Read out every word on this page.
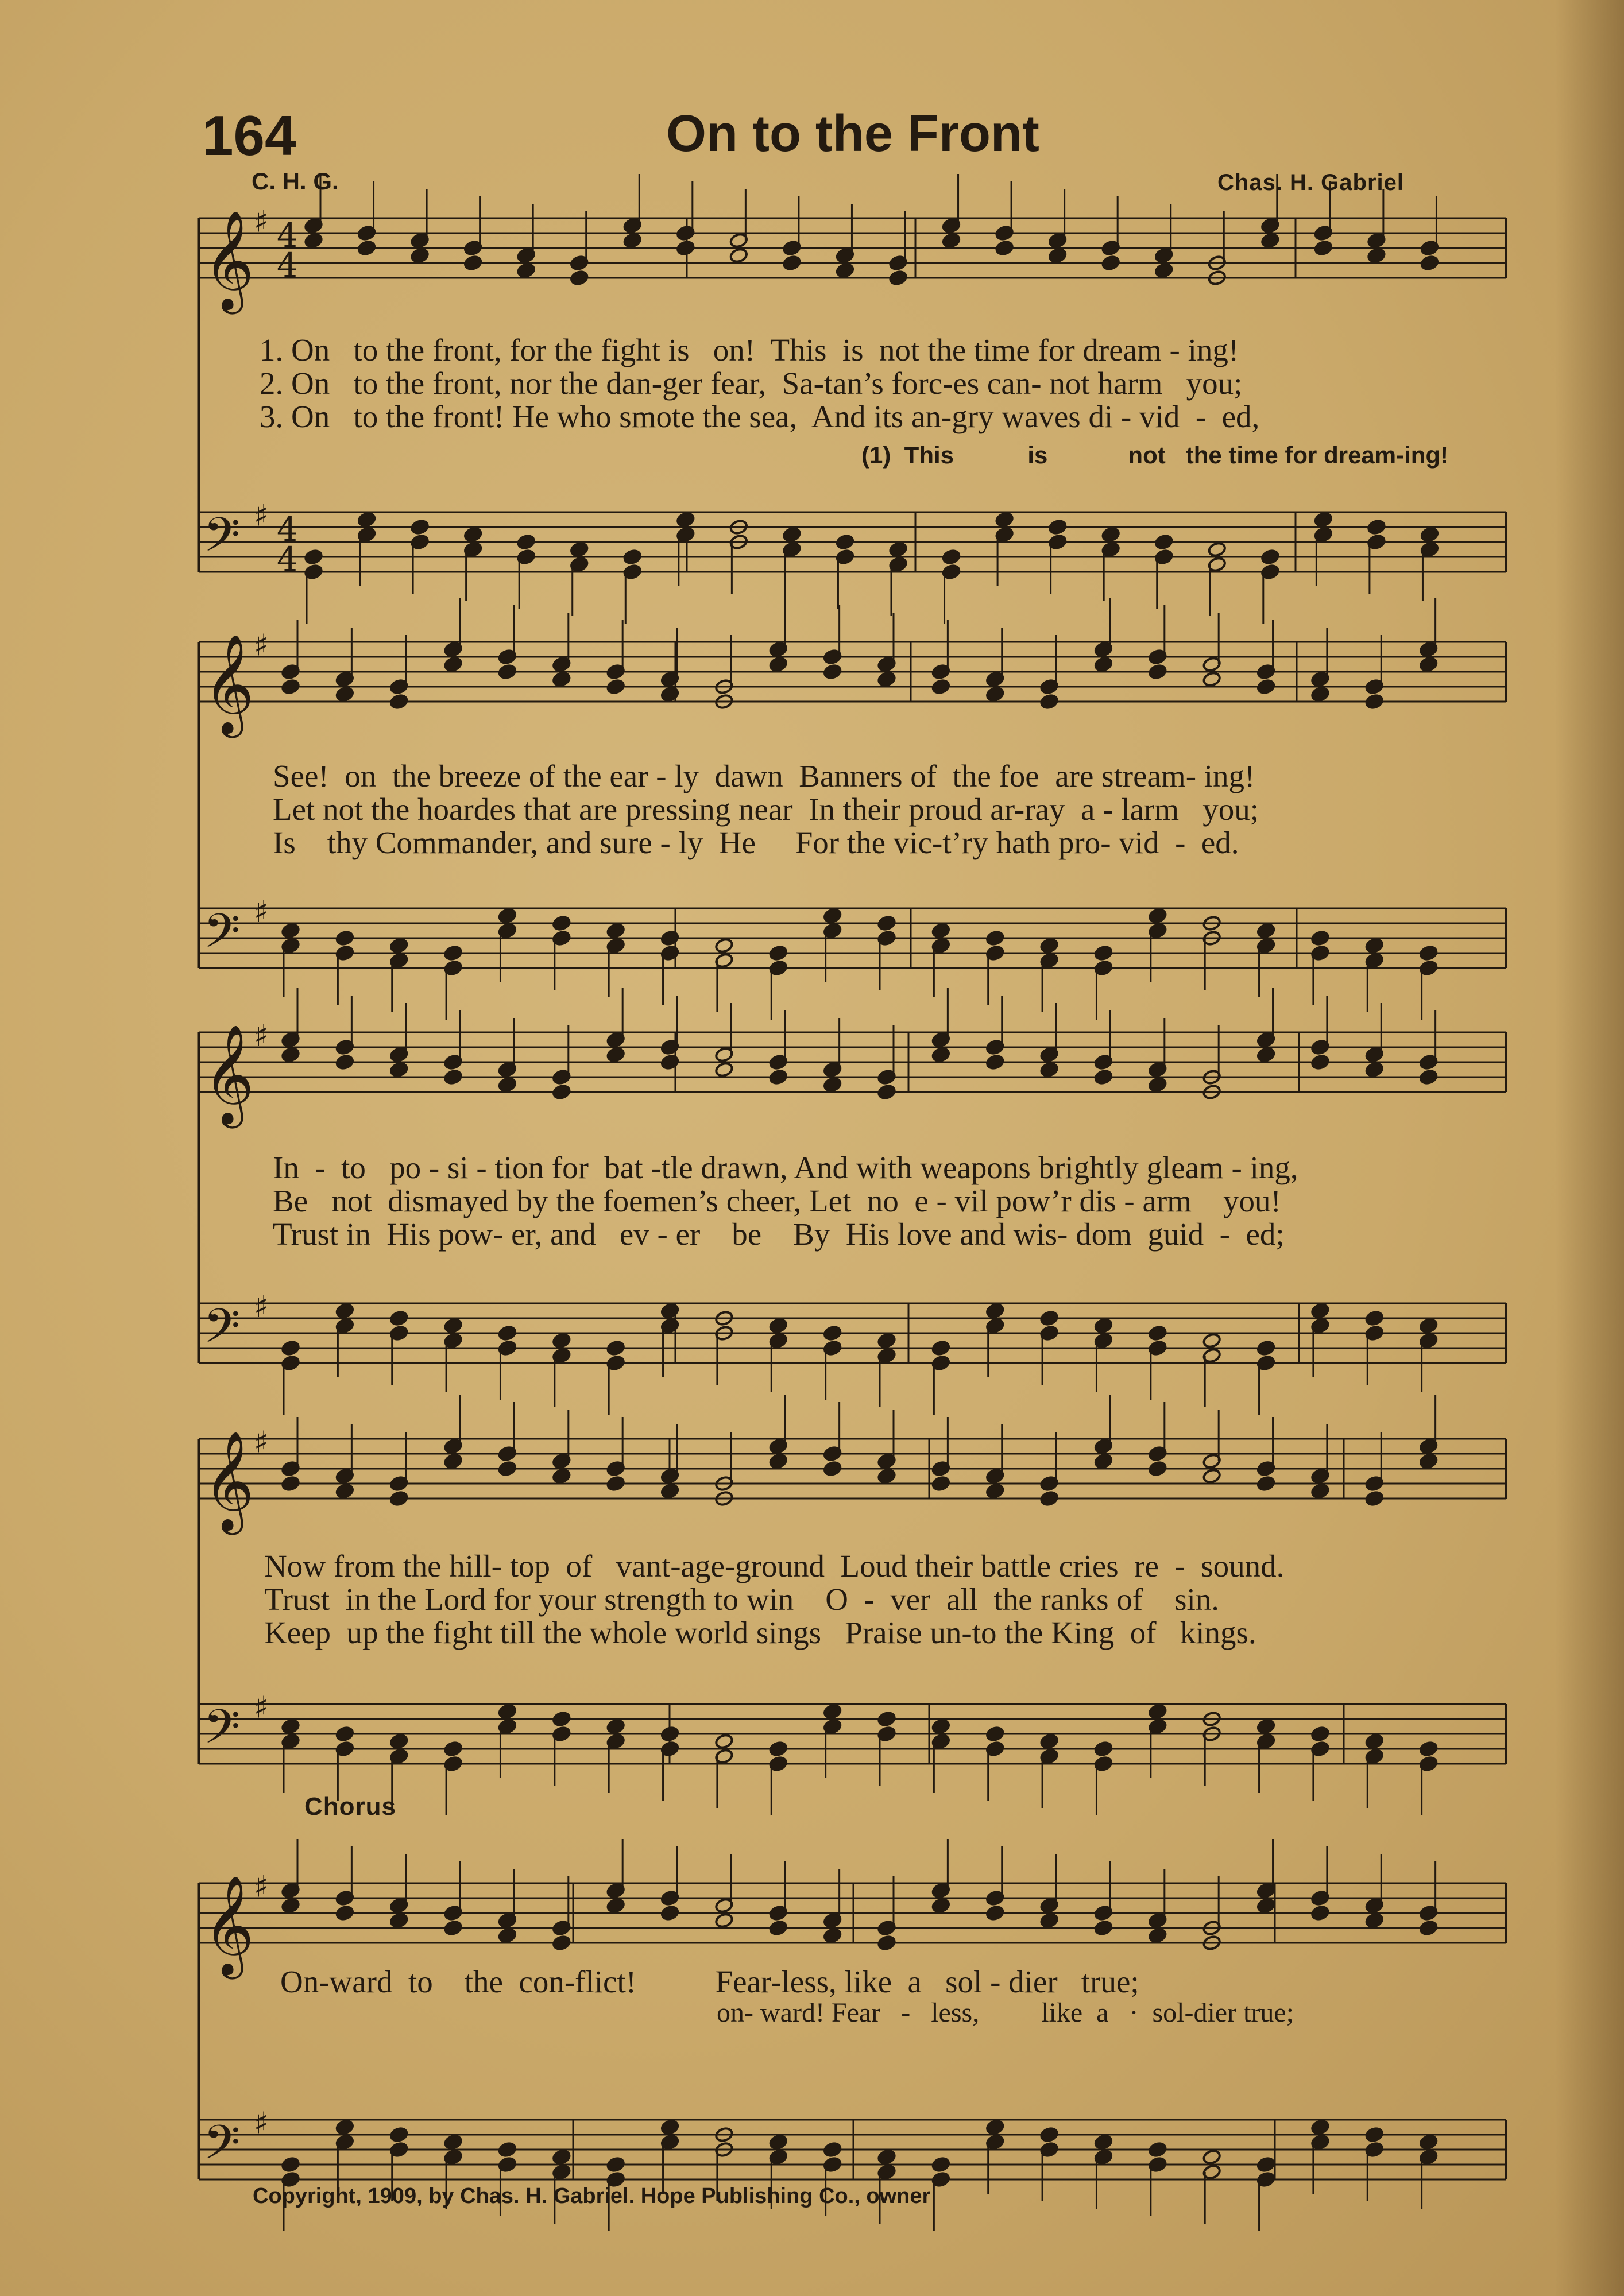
164	On to the Front
C. H. G.	Chas. H. Gabriel
𝄞 ♯ 4
4
𝄢 ♯ 4
4
𝄞 ♯
𝄢 ♯
𝄞 ♯
𝄢 ♯
𝄞 ♯
𝄢 ♯
𝄞 ♯
𝄢 ♯
1. On   to the front, for the fight is   on!  This  is  not the time for dream - ing!
2. On   to the front, nor the dan-ger fear,  Sa-tan’s forc-es can- not harm   you;
3. On   to the front! He who smote the sea,  And its an-gry waves di - vid  -  ed,
(1)  This           is            not   the time for dream-ing!
See!  on  the breeze of the ear - ly  dawn  Banners of  the foe  are stream- ing!
Let not the hoardes that are pressing near  In their proud ar-ray  a - larm   you;
Is    thy Commander, and sure - ly  He     For the vic-t’ry hath pro- vid  -  ed.
In  -  to   po - si - tion for  bat -tle drawn, And with weapons brightly gleam - ing,
Be   not  dismayed by the foemen’s cheer, Let  no  e - vil pow’r dis - arm    you!
Trust in  His pow- er, and   ev - er    be    By  His love and wis- dom  guid  -  ed;
Now from the hill- top  of   vant-age-ground  Loud their battle cries  re  -  sound.
Trust  in the Lord for your strength to win    O  -  ver  all  the ranks of    sin.
Keep  up the fight till the whole world sings   Praise un-to the King  of   kings.
Chorus
On-ward  to    the  con-flict!          Fear-less, like  a   sol - dier   true;
on- ward! Fear   -   less,         like  a   ·  sol-dier true;
Copyright, 1909, by Chas. H. Gabriel. Hope Publishing Co., owner
